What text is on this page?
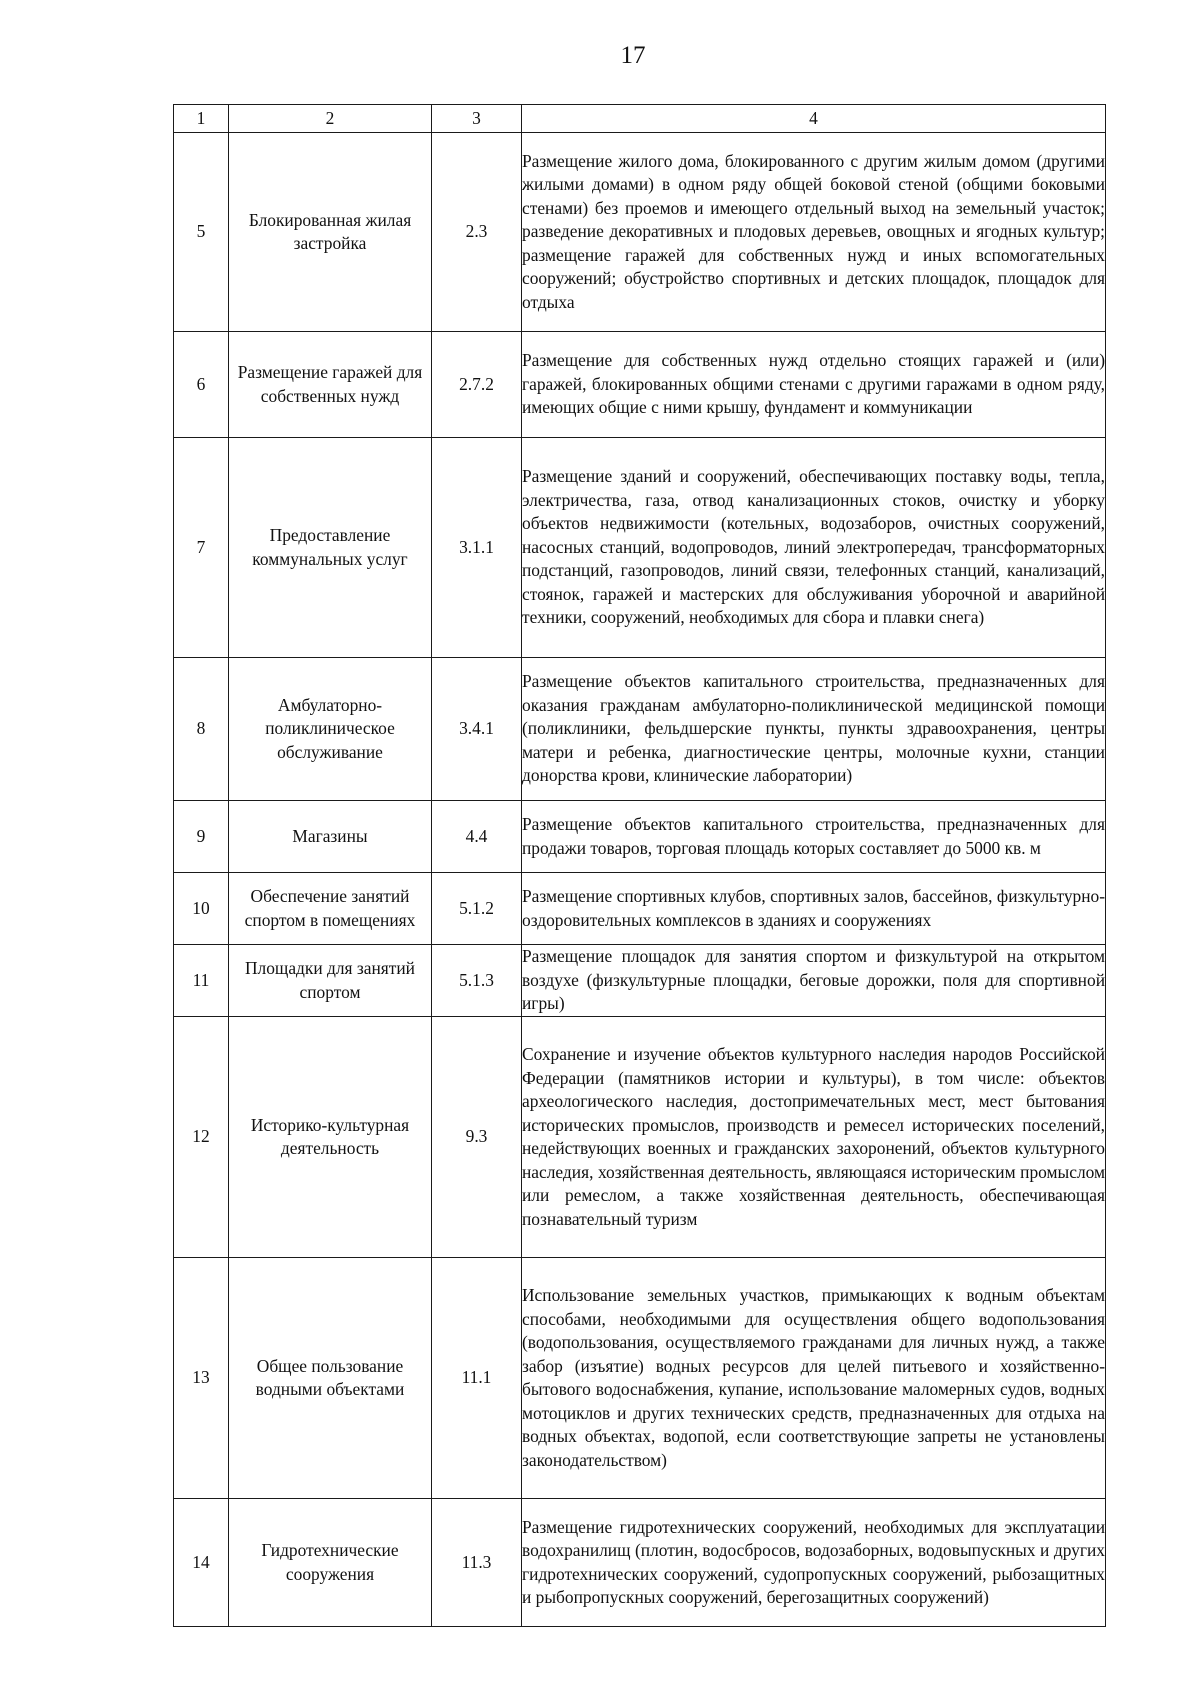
17
1	2	3	4
5	Блокированная жилая застройка	2.3	Размещение жилого дома, блокированного с другим жилым домом (другими жилыми домами) в одном ряду общей боковой стеной (общими боковыми стенами) без проемов и имеющего отдельный выход на земельный участок; разведение декоративных и плодовых деревьев, овощных и ягодных культур; размещение гаражей для собственных нужд и иных вспомогательных сооружений; обустройство спортивных и детских площадок, площадок для отдыха
6	Размещение гаражей для собственных нужд	2.7.2	Размещение для собственных нужд отдельно стоящих гаражей и (или) гаражей, блокированных общими стенами с другими гаражами в одном ряду, имеющих общие с ними крышу, фундамент и коммуникации
7	Предоставление коммунальных услуг	3.1.1	Размещение зданий и сооружений, обеспечивающих поставку воды, тепла, электричества, газа, отвод канализационных стоков, очистку и уборку объектов недвижимости (котельных, водозаборов, очистных сооружений, насосных станций, водопроводов, линий электропередач, трансформаторных подстанций, газопроводов, линий связи, телефонных станций, канализаций, стоянок, гаражей и мастерских для обслуживания уборочной и аварийной техники, сооружений, необходимых для сбора и плавки снега)
8	Амбулаторно-поликлиническое обслуживание	3.4.1	Размещение объектов капитального строительства, предназначенных для оказания гражданам амбулаторно-поликлинической медицинской помощи (поликлиники, фельдшерские пункты, пункты здравоохранения, центры матери и ребенка, диагностические центры, молочные кухни, станции донорства крови, клинические лаборатории)
9	Магазины	4.4	Размещение объектов капитального строительства, предназначенных для продажи товаров, торговая площадь которых составляет до 5000 кв. м
10	Обеспечение занятий спортом в помещениях	5.1.2	Размещение спортивных клубов, спортивных залов, бассейнов, физкультурно-оздоровительных комплексов в зданиях и сооружениях
11	Площадки для занятий спортом	5.1.3	Размещение площадок для занятия спортом и физкультурой на открытом воздухе (физкультурные площадки, беговые дорожки, поля для спортивной игры)
12	Историко-культурная деятельность	9.3	Сохранение и изучение объектов культурного наследия народов Российской Федерации (памятников истории и культуры), в том числе: объектов археологического наследия, достопримечательных мест, мест бытования исторических промыслов, производств и ремесел исторических поселений, недействующих военных и гражданских захоронений, объектов культурного наследия, хозяйственная деятельность, являющаяся историческим промыслом или ремеслом, а также хозяйственная деятельность, обеспечивающая познавательный туризм
13	Общее пользование водными объектами	11.1	Использование земельных участков, примыкающих к водным объектам способами, необходимыми для осуществления общего водопользования (водопользования, осуществляемого гражданами для личных нужд, а также забор (изъятие) водных ресурсов для целей питьевого и хозяйственно-бытового водоснабжения, купание, использование маломерных судов, водных мотоциклов и других технических средств, предназначенных для отдыха на водных объектах, водопой, если соответствующие запреты не установлены законодательством)
14	Гидротехнические сооружения	11.3	Размещение гидротехнических сооружений, необходимых для эксплуатации водохранилищ (плотин, водосбросов, водозаборных, водовыпускных и других гидротехнических сооружений, судопропускных сооружений, рыбозащитных и рыбопропускных сооружений, берегозащитных сооружений)
